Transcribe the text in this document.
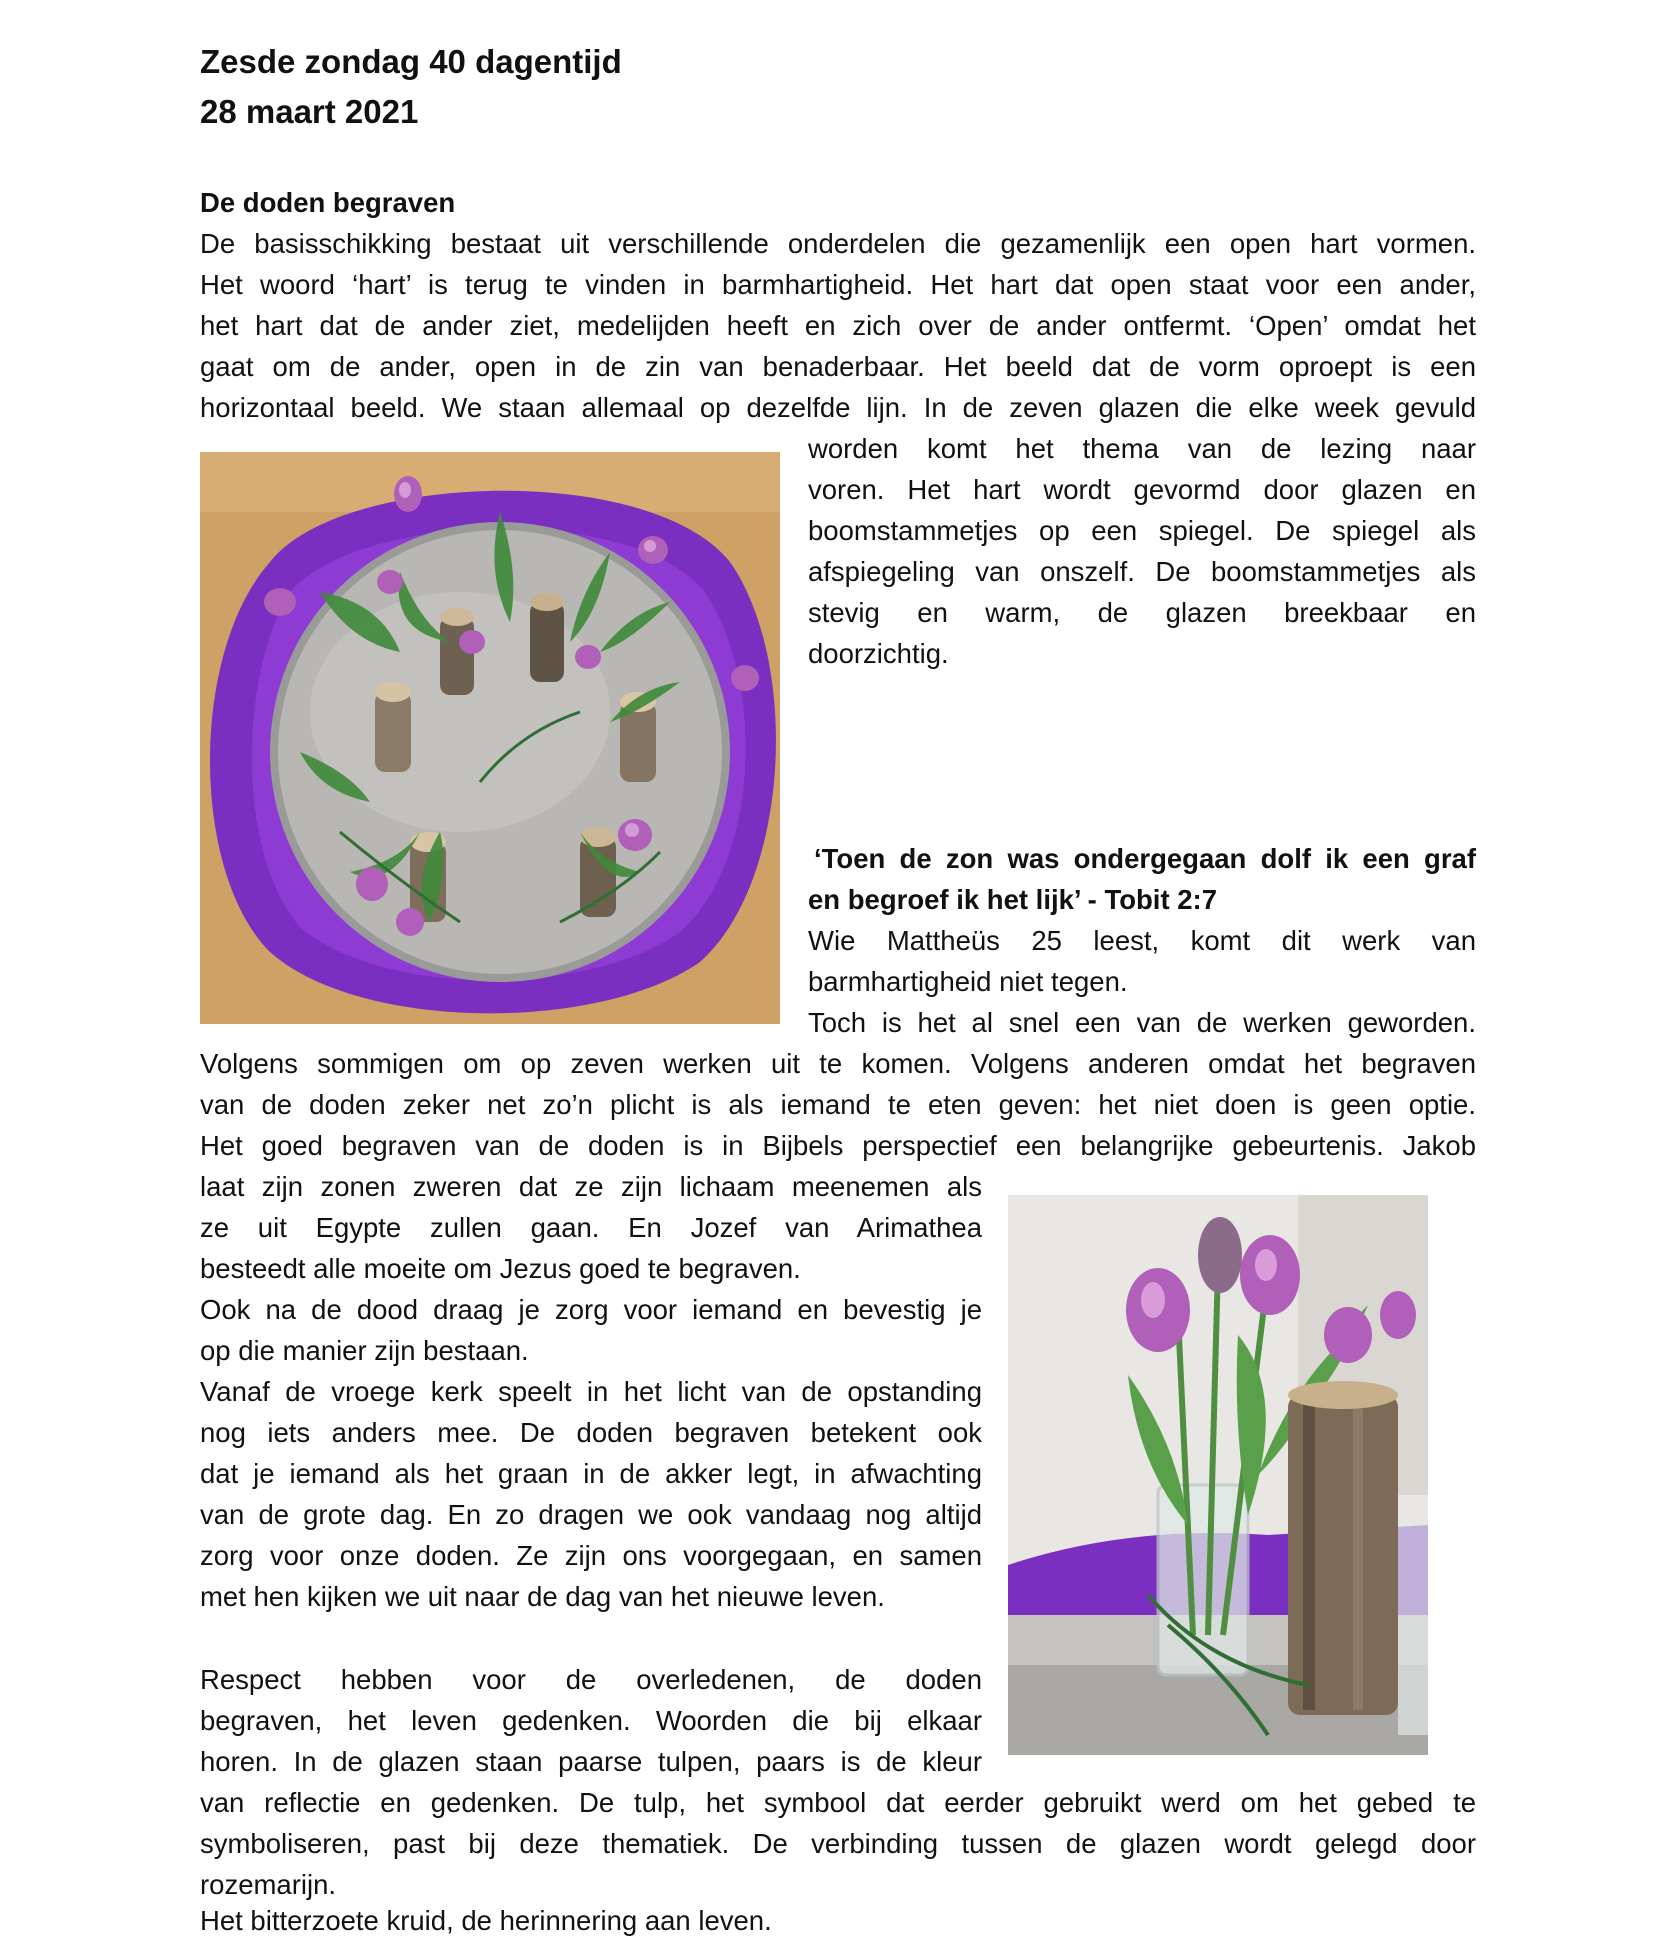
Zesde zondag 40 dagentijd
28 maart 2021
De doden begraven
De basisschikking bestaat uit verschillende onderdelen die gezamenlijk een open hart vormen.
Het woord ‘hart’ is terug te vinden in barmhartigheid. Het hart dat open staat voor een ander,
het hart dat de ander ziet, medelijden heeft en zich over de ander ontfermt. ‘Open’ omdat het
gaat om de ander, open in de zin van benaderbaar. Het beeld dat de vorm oproept is een
horizontaal beeld. We staan allemaal op dezelfde lijn. In de zeven glazen die elke week gevuld
worden komt het thema van de lezing naar
voren. Het hart wordt gevormd door glazen en
boomstammetjes op een spiegel. De spiegel als
afspiegeling van onszelf. De boomstammetjes als
stevig en warm, de glazen breekbaar en
doorzichtig.
‘Toen de zon was ondergegaan dolf ik een graf
en begroef ik het lijk’ - Tobit 2:7
Wie Mattheüs 25 leest, komt dit werk van
barmhartigheid niet tegen.
Toch is het al snel een van de werken geworden.
Volgens sommigen om op zeven werken uit te komen. Volgens anderen omdat het begraven
van de doden zeker net zo’n plicht is als iemand te eten geven: het niet doen is geen optie.
Het goed begraven van de doden is in Bijbels perspectief een belangrijke gebeurtenis. Jakob
laat zijn zonen zweren dat ze zijn lichaam meenemen als
ze uit Egypte zullen gaan. En Jozef van Arimathea
besteedt alle moeite om Jezus goed te begraven.
Ook na de dood draag je zorg voor iemand en bevestig je
op die manier zijn bestaan.
Vanaf de vroege kerk speelt in het licht van de opstanding
nog iets anders mee. De doden begraven betekent ook
dat je iemand als het graan in de akker legt, in afwachting
van de grote dag. En zo dragen we ook vandaag nog altijd
zorg voor onze doden. Ze zijn ons voorgegaan, en samen
met hen kijken we uit naar de dag van het nieuwe leven.
Respect hebben voor de overledenen, de doden
begraven, het leven gedenken. Woorden die bij elkaar
horen. In de glazen staan paarse tulpen, paars is de kleur
van reflectie en gedenken. De tulp, het symbool dat eerder gebruikt werd om het gebed te
symboliseren, past bij deze thematiek. De verbinding tussen de glazen wordt gelegd door
rozemarijn.
Het bitterzoete kruid, de herinnering aan leven.
